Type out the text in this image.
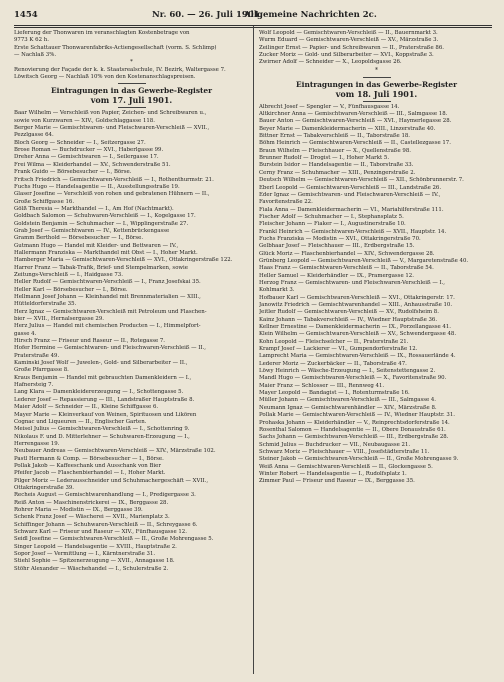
1454	Nr. 60. — 26. Juli 1901.
Allgemeine Nachrichten 2c.
Lieferung der Thonwaren im veranschlagten Kostenbetrage von
9773 K 62 h.
Erste Schattauer Thonwarenfabriks-Actiengesellschaft (vorm. S. Schlimp)
— Nachlaß 3%.
*
Renovierung der Façade der k. k. Staatsrealschule, IV. Bezirk, Waltergasse 7.
Löwitsch Georg — Nachlaß 10% von den Kostenanschlagspreisen.
Eintragungen in das Gewerbe-Register
vom 17. Juli 1901.
Baar Wilhelm — Verschleiß von Papier, Zeichen- und Schreibwaren u.,
sowie von Kurzwaren — XIV., Goldschlaggasse 118.
Berger Marie — Gemischtwaren- und Fleischwaren-Verschleiß — XVII.,
Pezzlgasse 64.
Bloch Georg — Schneider — I., Seitzergasse 27.
Brose Roman — Buchdrucker — XVI., Haberlgasse 99.
Dreher Anna — Gemischtwaren — I., Seilergasse 17.
Frei Wilma — Kleiderhandel — XV., Schwenderstraße 51.
Frank Guido — Börsebesucher — I., Börse.
Fritsch Friedrich — Gemischtwaren-Verschleiß — I., Rothenthurmstr. 21.
Fuchs Hugo — Handelsagentie — II., Ausstellungsstraße 19.
Glaser Josefine — Verschleiß von rohen und gebratenen Hühnern — II.,
Große Schiffgasse 16.
Gölß Theresia — Markthandel — I., Am Hof (Nachtmarkt).
Goldbach Salomon — Schuhwaren-Verschleiß — I., Kogelgasse 17.
Goldstein Benjamin — Schuhmacher — I., Wipplingerstraße 27.
Grab Josef — Gemischtwaren — IV., Kettenbrückengasse
Gramm Berthold — Börsebesucher — I., Börse.
Gutmann Hugo — Handel mit Kleider- und Bettwaren — IV.,
Hallermann Franziska — Markthandel mit Obst — I., Hoher Markt.
Hamberger Maria — Gemischtwaren-Verschleiß — XVI., Ottakringerstraße 122.
Harrer Franz — Tabak-Trafik, Brief- und Stempelmarken, sowie
Zeitungs-Verschleiß — I., Haidgasse 73.
Heller Rudolf — Gemischtwaren-Verschleiß — I., Franz Josefskai 35.
Heller Karl — Börsebesucher — I., Börse.
Hellmann Josef Johann — Kleinhandel mit Brennmaterialien — XIII.,
Hütteldorferstraße 35.
Herz Ignaz — Gemischtwaren-Verschleiß mit Petroleum und Flaschen-
bier — XVII., Hernalsergasse 29.
Herz Julius — Handel mit chemischen Producten — I., Himmelpfort-
gasse 4.
Hirsch Franz — Friseur und Raseur — II., Rotegasse 7.
Hofer Hermine — Gemischtwaren- und Fleischwaren-Verschleiß — II.,
Praterstraße 49.
Kaminski Josef Wolf — Juwelen-, Gold- und Silberarbeiter — II.,
Große Pfarrgasse 8.
Kraus Benjamin — Handel mit gebrauchten Damenkleidern — I.,
Hafnersteig 7.
Lang Klara — Damenkleidererzeugung — I., Schottengasse 5.
Lederer Josef — Repassierung — III., Landstraßer Hauptstraße 8.
Maier Adolf — Schneider — II., Kleine Schiffgasse 6.
Mayer Marie — Kleinverkauf von Weinen, Spirituosen und Likören
Cognac und Liqueuren — II., Englischer Garten.
Meisel Julius — Gemischtwaren-Verschleiß — I., Schottenring 9.
Nikolaus F. und D. Mitterlehner — Schuhwaren-Erzeugung — I.,
Herrengasse 19.
Neubauer Andreas — Gemischtwaren-Verschleiß — XIV., Märzstraße 102.
Pastl Hermann & Comp. — Börsebesucher — I., Börse.
Pollak Jakob — Kaffeeschank und Ausschank von Bier
Pfeifer Jacob — Flaschenbierhandel — I., Hoher Markt.
Pilger Moriz — Lederausschneider und Schuhmachergeschäft — XVII.,
Ottakringerstraße 39.
Recheis August — Gemischtwarenhandlung — I., Predigergasse 3.
Reiß Anton — Maschinenstrickerei — IX., Berggasse 28.
Rohrer Maria — Modistin — IX., Berggasse 39.
Schenk Franz Josef — Wäscherei — XVII., Marienplatz 3.
Schiffinger Johann — Schuhwaren-Verschleiß — II., Schreygasse 6.
Schwarz Karl — Friseur und Raseur — XIV., Fünfhausgasse 12.
Seidl Josefine — Gemischtwaren-Verschleiß — II., Große Mohrengasse 5.
Singer Leopold — Handelsagentie — XVIII., Hauptstraße 2.
Sopor Josef — Vermittlung — I., Kärntnerstraße 31.
Stiehl Sophie — Spitzenerzeugung — XVII., Annagasse 18.
Stöhr Alexander — Wäschehandel — I., Schulerstraße 2.
Wolf Leopold — Gemischtwaren-Verschleiß — II., Bauernmarkt 3.
Wurm Eduard — Gemischtwaren-Verschleiß — XV., Märzstraße 3.
Zeilinger Ernst — Papier- und Schreibwaren — II., Praterstraße 86.
Zucker Moriz — Gold- und Silberarbeiter — XVI., Koppstraße 3.
Zwirner Adolf — Schneider — X., Leopoldsgasse 26.
*
Eintragungen in das Gewerbe-Register
vom 18. Juli 1901.
Albrecht Josef — Spengler — V., Fünfhausgasse 14.
Altkirchner Anna — Gemischtwaren-Verschleiß — III., Salmgasse 18.
Bauer Anton — Gemischtwaren-Verschleiß — XVI., Haymerlegasse 28.
Beyer Marie — Damenkleidermacherin — XIII., Linzerstraße 40.
Bittner Ernst — Tabakverschleiß — II., Taborstraße 18.
Böhm Heinrich — Gemischtwaren-Verschleiß — II., Castellezgasse 17.
Braun Wilhelm — Fleischhauer — X., Quellenstraße 98.
Brunner Rudolf — Drogist — I., Hoher Markt 5.
Burstein Isidor — Handelsagentie — II., Taborstraße 33.
Cerny Franz — Schuhmacher — XIII., Penzingerstraße 2.
Deutsch Wilhelm — Gemischtwaren-Verschleiß — XII., Schönbrunnerstr. 7.
Eberl Leopold — Gemischtwaren-Verschleiß — III., Landstraße 26.
Eder Ignaz — Gemischtwaren- und Fleischwaren-Verschleiß — IV.,
Favoritenstraße 22.
Fiala Anna — Damenkleidermacherin — VI., Mariahilferstraße 111.
Fischer Adolf — Schuhmacher — I., Stephansplatz 5.
Fleischer Johann — Fiaker — I., Augustinerstraße 10.
Frankl Heinrich — Gemischtwaren-Verschleiß — XVII., Hauptstr. 14.
Fuchs Franziska — Modistin — XVI., Ottakringerstraße 70.
Gelbhaar Josef — Fleischhauer — III., Erdbergstraße 15.
Glück Moriz — Flaschenbierhandel — XIV., Schwendergasse 28.
Grünberg Leopold — Gemischtwaren-Verschleiß — V., Margaretenstraße 40.
Haas Franz — Gemischtwaren-Verschleiß — II., Taborstraße 54.
Heller Samuel — Kleiderhändler — IX., Pramergasse 12.
Herzog Franz — Gemischtwaren- und Fleischwaren-Verschleiß — I.,
Kohlmarkt 3.
Hofbauer Karl — Gemischtwaren-Verschleiß — XVI., Ottakringerstr. 17.
Janowitz Friedrich — Gemischtwarenhandel — XIII., Anhausstraße 10.
Jeitler Rudolf — Gemischtwaren-Verschleiß — XV., Rudolfsheim 8.
Kainz Johann — Tabakverschleiß — IV., Wiedner Hauptstraße 36.
Kellner Ernestine — Damenkleidermacherin — IX., Porzellangasse 41.
Klein Wilhelm — Gemischtwaren-Verschleiß — XV., Schwendergasse 48.
Kohn Leopold — Fleischselcher — II., Praterstraße 21.
Krampf Josef — Lackierer — VI., Gumpendorferstraße 12.
Lamprecht Maria — Gemischtwaren-Verschleiß — IX., Rossauerlände 4.
Lederer Moriz — Zuckerbäcker — II., Taborstraße 47.
Löwy Heinrich — Wäsche-Erzeugung — I., Seitenstettengasse 2.
Mandl Hugo — Gemischtwaren-Verschleiß — X., Favoritenstraße 90.
Maier Franz — Schlosser — III., Rennweg 41.
Mayer Leopold — Bandagist — I., Rotenturmstraße 16.
Müller Johann — Gemischtwaren-Verschleiß — III., Salmgasse 4.
Neumann Ignaz — Gemischtwarenhändler — XIV., Märzstraße 8.
Pollak Marie — Gemischtwaren-Verschleiß — IV., Wiedner Hauptstr. 31.
Prohaska Johann — Kleiderhändler — V., Reinprechtsdorferstraße 14.
Rosenthal Salomon — Handelsagentie — II., Obere Donaustraße 61.
Sachs Johann — Gemischtwaren-Verschleiß — III., Erdbergstraße 28.
Schmid Julius — Buchdrucker — VII., Neubaugasse 21.
Schwarz Moriz — Fleischhauer — VIII., Josefstädterstraße 11.
Steiner Jakob — Gemischtwaren-Verschleiß — II., Große Mohrengasse 9.
Weiß Anna — Gemischtwaren-Verschleiß — II., Glockengasse 5.
Winter Robert — Handelsagentie — I., Rudolfsplatz 1.
Zimmer Paul — Friseur und Raseur — IX., Berggasse 35.
